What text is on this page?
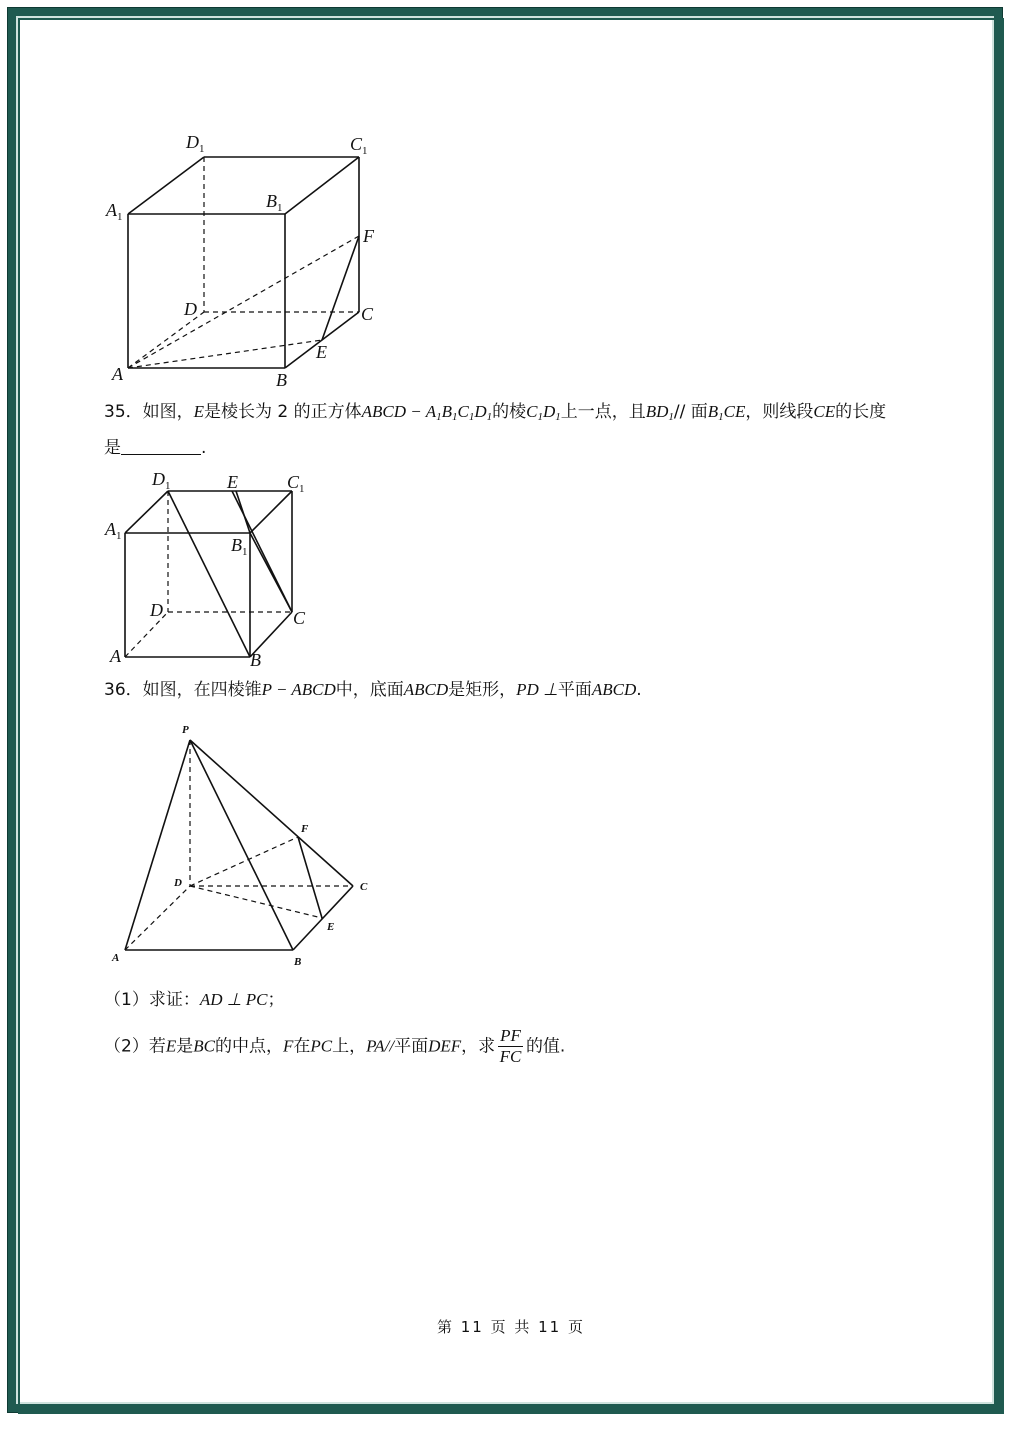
$A_1$
$B_1$
$C_1$
$D_1$
A	B
C
D
E
F
$A_1$	$B_1$
$C_1$
$D_1$	E
A	B
C
D
P
A	B
C
D
E
F
35．如图，E是棱长为 2 的正方体ABCD − A1B1C1D1的棱C1D1上一点，且BD1// 面B1CE，则线段CE的长度
是	.
36．如图，在四棱锥P − ABCD中，底面ABCD是矩形，PD ⊥平面ABCD.
（1）求证：AD ⊥ PC；
（2）若E是BC的中点，F在PC上，PA//平面DEF，求 $\frac{PF}{FC}$ 的值.
第 11 页 共 11 页
